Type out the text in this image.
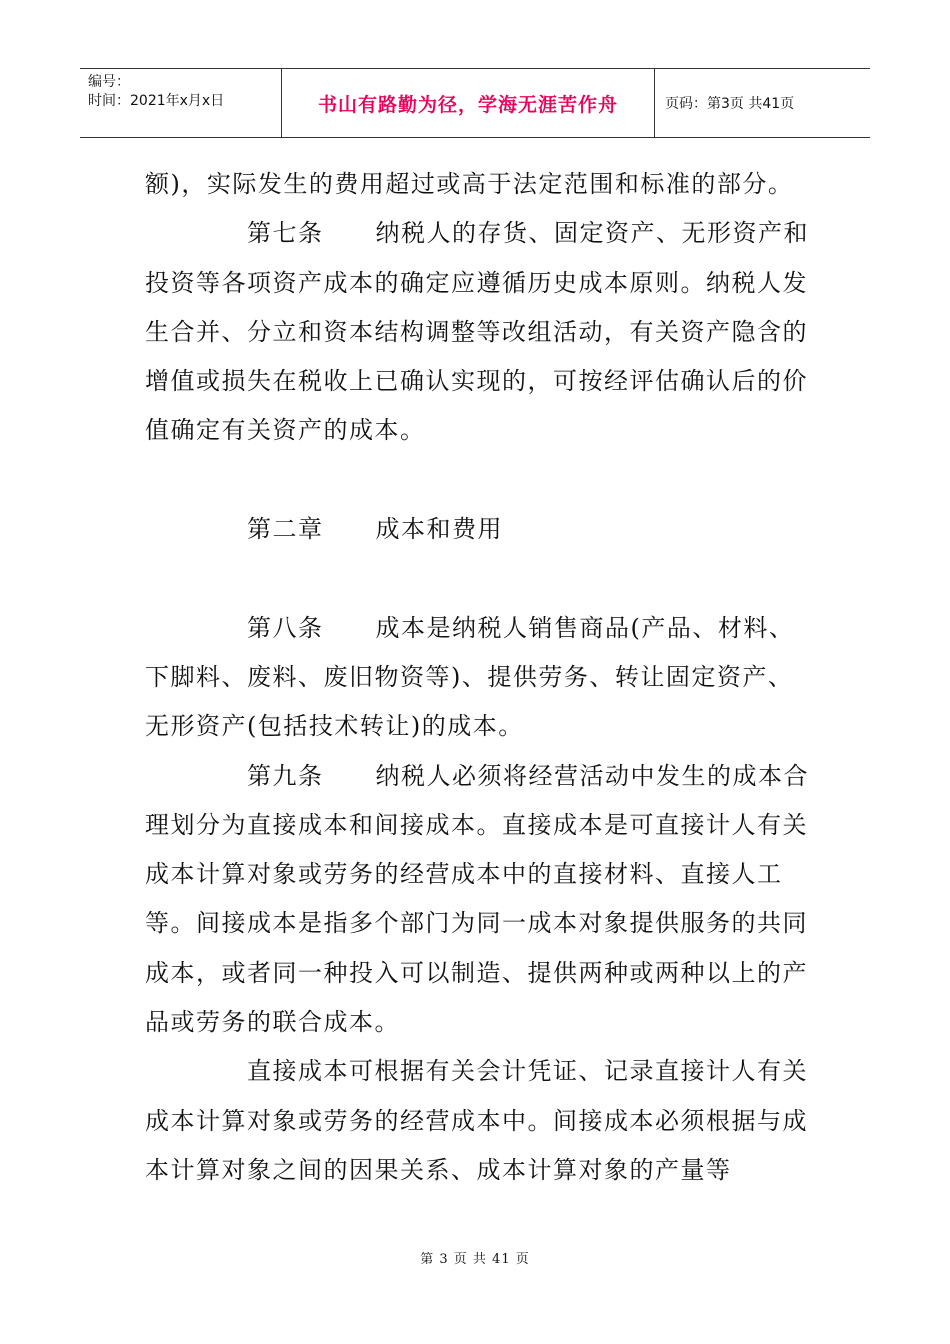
编号：
时间：2021年x月x日	书山有路勤为径，学海无涯苦作舟	页码：第3页 共41页

额)，实际发生的费用超过或高于法定范围和标准的部分。

第七条 纳税人的存货、固定资产、无形资产和投资等各项资产成本的确定应遵循历史成本原则。纳税人发生合并、分立和资本结构调整等改组活动，有关资产隐含的增值或损失在税收上已确认实现的，可按经评估确认后的价值确定有关资产的成本。

第二章 成本和费用

第八条 成本是纳税人销售商品(产品、材料、下脚料、废料、废旧物资等)、提供劳务、转让固定资产、无形资产(包括技术转让)的成本。

第九条 纳税人必须将经营活动中发生的成本合理划分为直接成本和间接成本。直接成本是可直接计人有关成本计算对象或劳务的经营成本中的直接材料、直接人工等。间接成本是指多个部门为同一成本对象提供服务的共同成本，或者同一种投入可以制造、提供两种或两种以上的产品或劳务的联合成本。

直接成本可根据有关会计凭证、记录直接计人有关成本计算对象或劳务的经营成本中。间接成本必须根据与成本计算对象之间的因果关系、成本计算对象的产量等

第 3 页 共 41 页
